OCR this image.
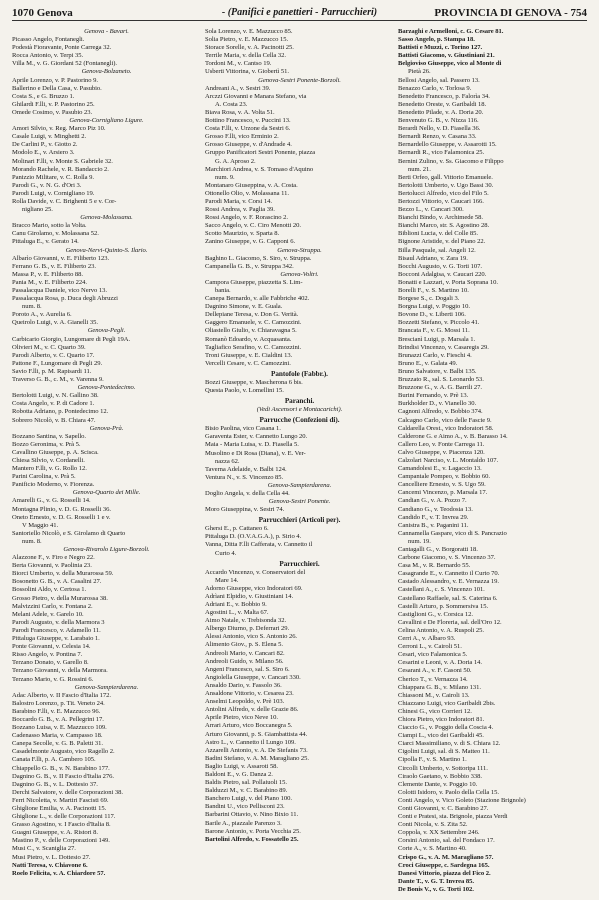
1070 Genova	- (Panifici e panettieri - Parrucchieri)	PROVINCIA DI GENOVA - 754
Genova - Bavari.
Picasso Angelo, Fontanegli.
Podestà Fioravante, Ponte Carrega 32.
Rocca Antonio, v. Terpi 35.
Villa M., v. G. Giordani 52 (Fontanegli).
Genova-Bolzaneto.
Aprile Lorenzo, v. P. Pastorino 9.
Ballerino e Della Casa, v. Pasubio.
Costa S., e G. Bruzzo 1.
Ghilardi F.lli, v. P. Pastorino 25.
Omede Cosimo, v. Pasubio 23.
Genova-Cornigliano Ligure.
Amori Silvio, v. Reg. Marco Piz 10.
Casale Luigi, v. Minghetti 2.
De Carlini P., v. Giotto 2.
Modolo E., v. Arsiero 3.
Molinari F.lli, v. Monte S. Gabriele 32.
Morando Rachele, v. R. Bandaccio 2.
Panizzio Militare, v. C. Rolla 9.
Parodi G., v. N. G. d'Ori 3.
Parodi Luigi, v. Cornigliano 19.
Rolla Davide, v. C. Brighenti 5 e v. Cor-
nigliano 25.
Genova-Molassana.
Bracco Mario, sotto la Volta.
Canu Girolamo, v. Molassana 52.
Pittaluga E., v. Gerato 14.
Genova-Nervi-Quinto-S. Ilario.
Albarìo Giovanni, v. E. Filiberto 123.
Ferrano G. B., v. E. Filiberto 23.
Massa P., v. E. Filiberto 88.
Pania M., v. E. Filiberto 224.
Passalacqua Daniele, vico Nervo 13.
Passalacqua Rosa, p. Duca degli Abruzzi
num. 8.
Poroto A., v. Aurelia 6.
Queirolo Luigi, v. A. Gianelli 35.
Genova-Pegli.
Carbicario Giorgio, Lungomare di Pegli 19A.
Olivieri M., v. C. Quarto 39.
Parodi Alberto, v. C. Quarto 17.
Pattone F., Lungomare di Pegli 29.
Savio F.lli, p. M. Rapisardi 11.
Traverso G. B., c. M., v. Varenna 9.
Genova-Pontedecimo.
Bertolotti Luigi, v. N. Gallino 38.
Costa Angelo, v. P. di Cadore 1.
Robotta Adriano, p. Pontedecimo 12.
Sobrero Nicolò, v. B. Chiara 47.
Genova-Prà.
Bozzano Santina, v. Sapello.
Bozzo Geronima, v. Prà 5.
Cavallino Giuseppe, p. A. Scisca.
Chiesa Silvio, v. Cordanelli.
Mantero F.lli, v. G. Rollo 12.
Parini Carolina, v. Prà 5.
Panificio Moderno, v. Fiorenza.
Genova-Quarto dei Mille.
Amarelli G., v. G. Rosselli 14.
Montagna Plinio, v. D. G. Rosselli 36.
Oneto Ernesto, v. D. G. Rosselli 1 e v.
V Maggio 41.
Santoriello Nicolò, e S. Girolamo di Quarto
num. 8.
Genova-Rivarolo Ligure-Borzoli.
Alazzone F., v. Firo e Negro 22.
Berta Giovanni, v. Paolinia 23.
Biorci Umberto, v. della Murarossa 59.
Bosonetto G. B., v. A. Casalini 27.
Bossolini Aldo, v. Certosa 1.
Grosso Pietro, v. della Murarossa 38.
Malvizzini Carlo, v. Fontana 2.
Melani Adele, v. Garelo 10.
Parodi Augusto, v. della Marmora 3
Parodi Francesco, v. Adamello 11.
Pittaluga Giuseppe, v. Larabaio 1.
Ponte Giovanni, v. Celesia 14.
Risso Angelo, v. Pontina 7.
Terzano Donato, v. Garello 8.
Terzano Giovanni, v. della Marmora.
Terzano Mario, v. G. Rossini 6.
Genova-Sampierdarena.
Adac Alberto, v. II Fascio d'Italia 172.
Balostro Lorenzo, p. Tit. Veneto 24.
Barabino F.lli, v. E. Mazzucco 96.
Boccardo G. B., v. A. Pellegrini 17.
Bozzano Luisa, v. E. Mazzucco 109.
Cadenasso Maria, v. Campasso 18.
Canepa Secolle, v. G. B. Paletti 31.
Casadelmonte Augusto, vico Ragello 2.
Canata F.lli, p. A. Cambero 105.
Chiappello G. B., v. N. Barabino 177.
Dagnino G. B., v. II Fascio d'Italia 276.
Dagnino G. B., v. L. Dottesio 37.
Derchi Salvatore, v. delle Corporazioni 38.
Ferri Nicoletta, v. Martiri Fascisti 69.
Ghiglione Emilia, v. A. Pacinotti 15.
Ghiglione L., v. delle Corporazioni 117.
Grasso Agostino, v. I Fascio d'Italia 8.
Guagni Giuseppe, v. A. Ristori 8.
Mastino P., v. delle Corporazioni 149.
Musi C., v. Scaniglia 27.
Musi Pietro, v. L. Dottesio 27.
Natti Teresa, v. Chiavone 6.
Roelo Felicita, v. A. Chiardore 57.
Sola Lorenzo, v. E. Mazzucco 85.
Solia Pietro, v. E. Mazzucco 15.
Storace Sorelle, v. A. Pacinotti 25.
Terrile Maria, v. della Cella 32.
Tordoni M., v. Cantso 19.
Usberti Vittorina, v. Giobertì 51.
Genova-Sestri Ponente-Borzoli.
Andreani A., v. Sestri 39.
Arczzi Giovanni e Manara Stefano, via
A. Costa 23.
Biava Rosa, v. A. Volta 51.
Bottino Francesco, v. Puccini 13.
Costa F.lli, v. Urzone da Sestri 6.
Grosso F.lli, vico Erminio 2.
Grosso Giuseppe, v. d'Andrade 4.
Gruppo Panificatori Sestri Ponente, piazza
G. A. Aproso 2.
Marchiori Andrea, v. S. Tomaso d'Aquino
num. 9.
Montanaro Giuseppina, v. A. Costa.
Ottonello Olio, v. Molassana 11.
Parodi Maria, v. Corsi 14.
Rossi Andrea, v. Paglia 39.
Rossi Angelo, v. F. Rorascino 2.
Sacco Angelo, v. C. Ciro Menotti 20.
Scotto Maurizio, v. Sparta 8.
Zanino Giuseppe, v. G. Capponi 6.
Genova-Struppa.
Baghino L. Giacomo, S. Siro, v. Struppa.
Campanella G. B., v. Struppa 342.
Genova-Voltri.
Campora Giuseppe, piazzetta S. Lim-
bania.
Canepa Bernardo, v. alle Fabbriche 402.
Dagnino Simone, v. E. Guala.
Dellepiane Teresa, v. Don G. Verità.
Gaggero Emanuele, v. C. Camozzini.
Oliastello Giulio, v. Chiaravagna 5.
Romanò Edoardo, v. Acquasanta.
Tagliafico Serafino, v. C. Camozzini.
Troni Giuseppe, v. E. Cialdini 13.
Vercelli Cesare, v. C. Camozzini.
Pantofole (Fabbr.).
Bozzi Giuseppe, v. Mascherona 6 bis.
Questa Paolo, v. Lomellini 15.
Paranchi.
(Vedi Ascensori e Montacarichi).
Parrucche (Confezioni di).
Bisio Paolina, vico Casana 1.
Garaventa Ester, v. Cannetto Lungo 20.
Maia - Maria Luisa, v. D. Fiasella 5.
Musolino e Di Rosa (Diana), v. E. Ver-
nazza 62.
Taverna Adelaide, v. Balbi 124.
Ventura N., v. S. Vincenzo 85.
Genova-Sampierdarena.
Doglio Angela, v. della Cella 44.
Genova-Sestri Ponente.
Moro Giuseppina, v. Sestri 74.
Parrucchieri (Articoli per).
Ghersi E., p. Cattaneo 6.
Pittaluga D. (O.V.A.G.A.), p. Sirio 4.
Vanna, Ditta F.lli Cafferata, v. Cannetto il
Curto 4.
Parrucchieri.
Accardo Vincenzo, v. Conservatori del
Mare 14.
Adorno Giuseppe, vico Indoratori 69.
Adrìani Elpidio, v. Giustiniani 14.
Adriani E., v. Bobbio 9.
Agostini L., v. Malta 67.
Aimo Natale, v. Trebisonda 32.
Albergo Diurno, p. Deferrari 29.
Alessi Antonio, vico S. Antonio 26.
Alimento Giov., p. S. Elena 5.
Andreoli Mario, v. Cancari 82.
Andreoli Guido, v. Milano 56.
Angeni Francesco, sal. S. Siro 6.
Angiolella Giuseppe, v. Cancari 330.
Ansaldo Dario, v. Fassolo 36.
Ansaldone Vittorio, v. Cesarea 23.
Anselmi Leopoldo, v. Prè 103.
Antolini Alfredo, v. delle Grazie 86.
Aprile Pietro, vico Neve 10.
Arrari Arturo, vico Boccanegra 5.
Arturo Giovanni, p. S. Giambattista 44.
Astro L., v. Cannetto il Lungo 109.
Azzarelli Antonio, v. A. De Stefanis 73.
Badini Stefano, v. A. M. Maragliano 25.
Baglio Luigi, v. Assaroti 58.
Baldoni E., v. G. Danza 2.
Baldis Pietro, sal. Pollaiuoli 15.
Balduzzi M., v. C. Barabino 89.
Banchero Luigi, v. del Piano 100.
Bandini U., vico Pellisconi 23.
Barbarini Ottavio, v. Nino Bixio 11.
Barile A., piazzale Parenzo 3.
Barone Antonio, v. Porta Vecchia 25.
Bartolini Alfredo, v. Fossatello 25.
Barzaghi e Armelloni, c. G. Cesare 81.
Sasso Angelo, p. Stampa 18.
Battisti e Muzzi, c. Torino 127.
Battisti Giacomo, v. Giustiniani 21.
Belgioviso Giuseppe, vico al Monte di
Pietà 26.
Bellosi Angelo, sal. Passero 13.
Benazzo Carlo, v. Torlosa 9.
Benedetto Francesco, p. Falorìa 34.
Benedetto Oreste, v. Garibaldi 18.
Benedetto Pilade, v. A. Doria 20.
Benvenuto G. B., v. Nizza 116.
Berardi Nello, v. D. Fiasella 36.
Bernardi Renzo, v. Casana 33.
Bernardello Giuseppe, v. Assarotti 15.
Bernardi R., vico Falamonica 25.
Bernini Zulino, v. Ss. Giacomo e Filippo
num. 21.
Berti Orfeo, gall. Vittorio Emanuele.
Bertolotti Umberto, v. Ugo Bassi 30.
Bertolucci Alfredo, vico del Filo 5.
Bertozzi Vittorio, v. Caucari 166.
Bezzo L., v. Cancari 300.
Bianchi Bindo, v. Archimede 58.
Bianchi Marco, str. S. Agostino 28.
Biblioni Lucia, v. del Colle 85.
Bignone Aristide, v. del Piano 22.
Billa Pasquale, sal. Angeli 12.
Bisaul Adriano, v. Zara 19.
Bocchi Augusto, v. G. Torti 107.
Bocconi Adalgisa, v. Caucari 220.
Bonatti e Lazzari, v. Porta Soprana 10.
Borelli F., v. S. Martino 10.
Borgese S., c. Dogali 3.
Borgna Luigi, v. Poggio 10.
Bovone D., v. Liberti 106.
Bozzetti Stefano, v. Piccolo 41.
Brancata F., v. G. Mossi 11.
Brescianì Luigi, p. Marsala 1.
Brindisi Vincenzo, v. Casaregis 29.
Brunazzi Carlo, v. Fieschi 4.
Bruno E., v. Galata 49.
Bruno Salvatore, v. Balbi 135.
Bruzzato R., sal. S. Leonardo 53.
Bruzzone G., v. A. G. Barrili 27.
Burini Fernando, v. Prè 13.
Burkholder D., v. Vianello 30.
Cagnoni Alfredo, v. Bobbio 374.
Calcagno Carlo, vico delle Fascie 9.
Caldarella Orest., vico Indoratori 58.
Calderone G. e Aimo A., v. B. Barasso 14.
Callero Leo, v. Fonte Carrega 11.
Calvo Giuseppe, v. Piacenza 120.
Calzolari Narciso, v. L. Montaldo 107.
Camandolesi E., v. Lagaccio 13.
Campantale Pompeo, v. Bobbio 60.
Cancelliere Ernesto, v. S. Ugo 59.
Cancemi Vincenzo, p. Marsala 17.
Candian G., v. A. Pozzo 7.
Candiano G., v. Teodosia 13.
Candido F., v. T. Invrea 29.
Canistra B., v. Paganini 11.
Cannamella Gaspare, vico di S. Pancrazio
num. 19.
Cantagalli G., v. Borgoratti 18.
Carbone Giacomo, v. S. Vincenzo 37.
Casa M., v. R. Bernardo 55.
Casagrande E., v. Cannetto il Curto 70.
Castado Alessandro, v. E. Vernazza 19.
Castellani A., c. S. Vincenzo 101.
Castellano Raffaele, sal. S. Caterina 6.
Castelli Arturo, p. Sommersiva 15.
Castiglioni G., v. Corsica 12.
Cavallini e De Floreria, sal. dell'Oro 12.
Celina Antonio, v. A. Ruspoli 25.
Cerri A., v. Albaro 93.
Cerroni L., v. Cairoli 51.
Cesari, vico Falamonica 5.
Cesarini e Leoni, v. A. Doria 14.
Cesarani A., v. F. Casoni 50.
Cherico T., v. Vernazza 14.
Chiappara G. B., v. Milano 131.
Chiassoni M., v. Cairoli 13.
Chiazzano Luigi, vico Garibaldi 2bis.
Chinesi G., vico Corrieri 12.
Chiora Pietro, vico Indoratori 81.
Ciaccio G., v. Poggio della Coscia 4.
Ciampi L., vico dei Garibaldi 45.
Ciarci Massimiliano, v. di S. Chiara 12.
Cigolini Luigi, sal. di S. Matteo 11.
Cipolla F., v. S. Martino 1.
Circolli Umberto, v. Sottoripa 111.
Ciraolo Gaetano, v. Bobbio 338.
Clemente Dante, v. Poggio 10.
Colotti Isidoro, v. Paolo della Cella 15.
Conti Angelo, v. Vico Goleto (Stazione Brignole)
Conti Giovanni, v. C. Barabino 27.
Conti e Pratesi, sta. Brignole, piazza Verdi
Conti Nicola, v. S. Zita 52.
Coppola, v. XX Settembre 246.
Corsini Antonio, sal. del Fondaco 17.
Corte A., v. S. Martino 40.
Crispo G., v. A. M. Maragliano 57.
Croci Giuseppe, c. Sardegna 165.
Danesi Vittorio, piazza del Fico 2.
Dante T., v. G. T. Invrea 85.
De Bonis V., v. G. Torti 102.
